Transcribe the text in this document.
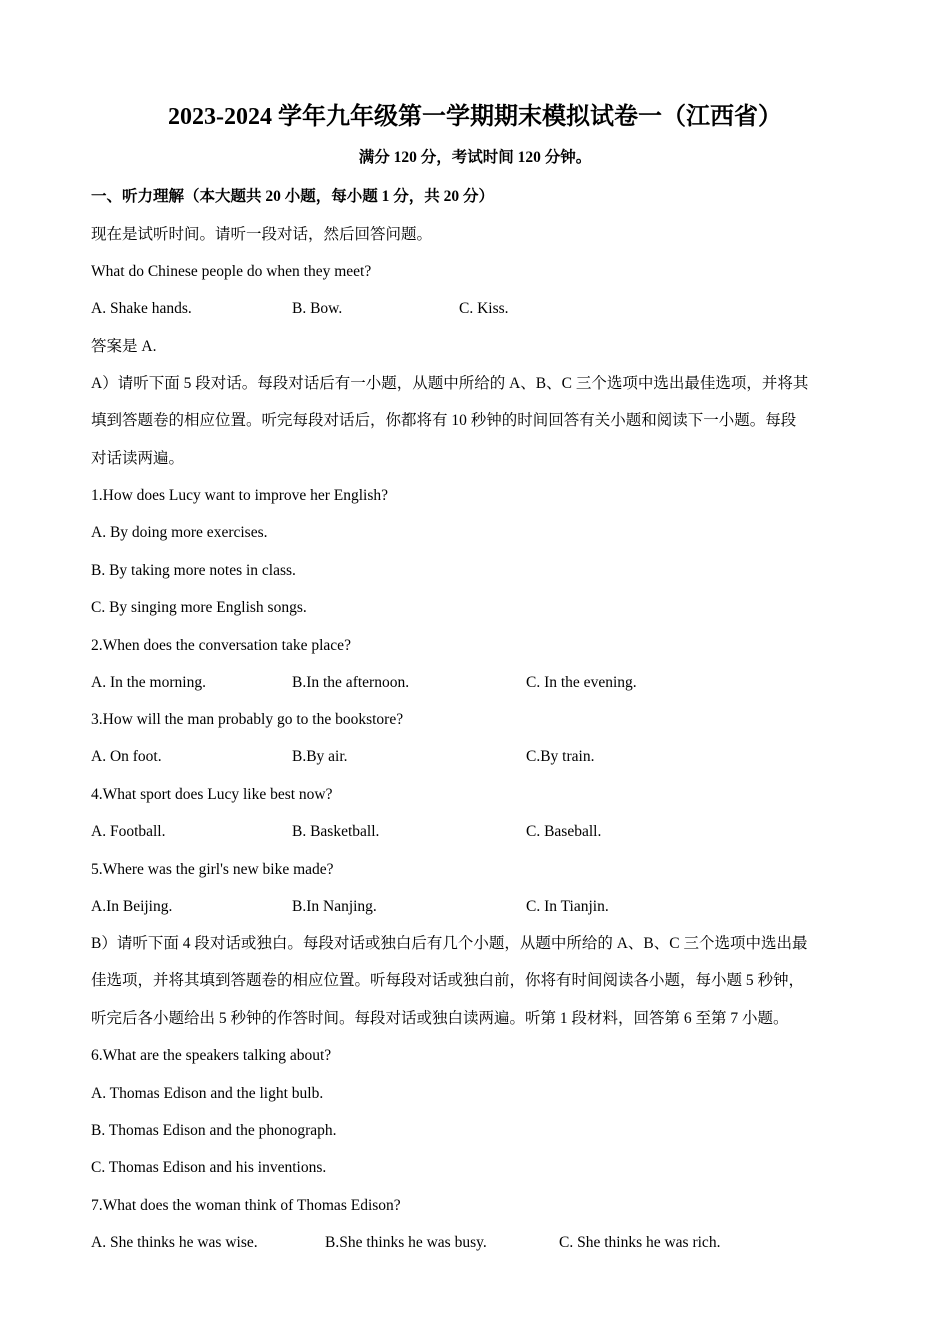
2023-2024 学年九年级第一学期期末模拟试卷一（江西省）
满分 120 分，考试时间 120 分钟。
一、听力理解（本大题共 20 小题，每小题 1 分，共 20 分）
现在是试听时间。请听一段对话，然后回答问题。
What do Chinese people do when they meet?
A. Shake hands.	B. Bow.	C. Kiss.
答案是 A.
A）请听下面 5 段对话。每段对话后有一小题，从题中所给的 A、B、C 三个选项中选出最佳选项，并将其
填到答题卷的相应位置。听完每段对话后，你都将有 10 秒钟的时间回答有关小题和阅读下一小题。每段
对话读两遍。
1.How does Lucy want to improve her English?
A. By doing more exercises.
B. By taking more notes in class.
C. By singing more English songs.
2.When does the conversation take place?
A. In the morning.	B.In the afternoon.	C. In the evening.
3.How will the man probably go to the bookstore?
A. On foot.	B.By air.	C.By train.
4.What sport does Lucy like best now?
A. Football.	B. Basketball.	C. Baseball.
5.Where was the girl's new bike made?
A.In Beijing.	B.In Nanjing.	C. In Tianjin.
B）请听下面 4 段对话或独白。每段对话或独白后有几个小题，从题中所给的 A、B、C 三个选项中选出最
佳选项，并将其填到答题卷的相应位置。听每段对话或独白前，你将有时间阅读各小题，每小题 5 秒钟，
听完后各小题给出 5 秒钟的作答时间。每段对话或独白读两遍。听第 1 段材料，回答第 6 至第 7 小题。
6.What are the speakers talking about?
A. Thomas Edison and the light bulb.
B. Thomas Edison and the phonograph.
C. Thomas Edison and his inventions.
7.What does the woman think of Thomas Edison?
A. She thinks he was wise.	B.She thinks he was busy.	C. She thinks he was rich.
